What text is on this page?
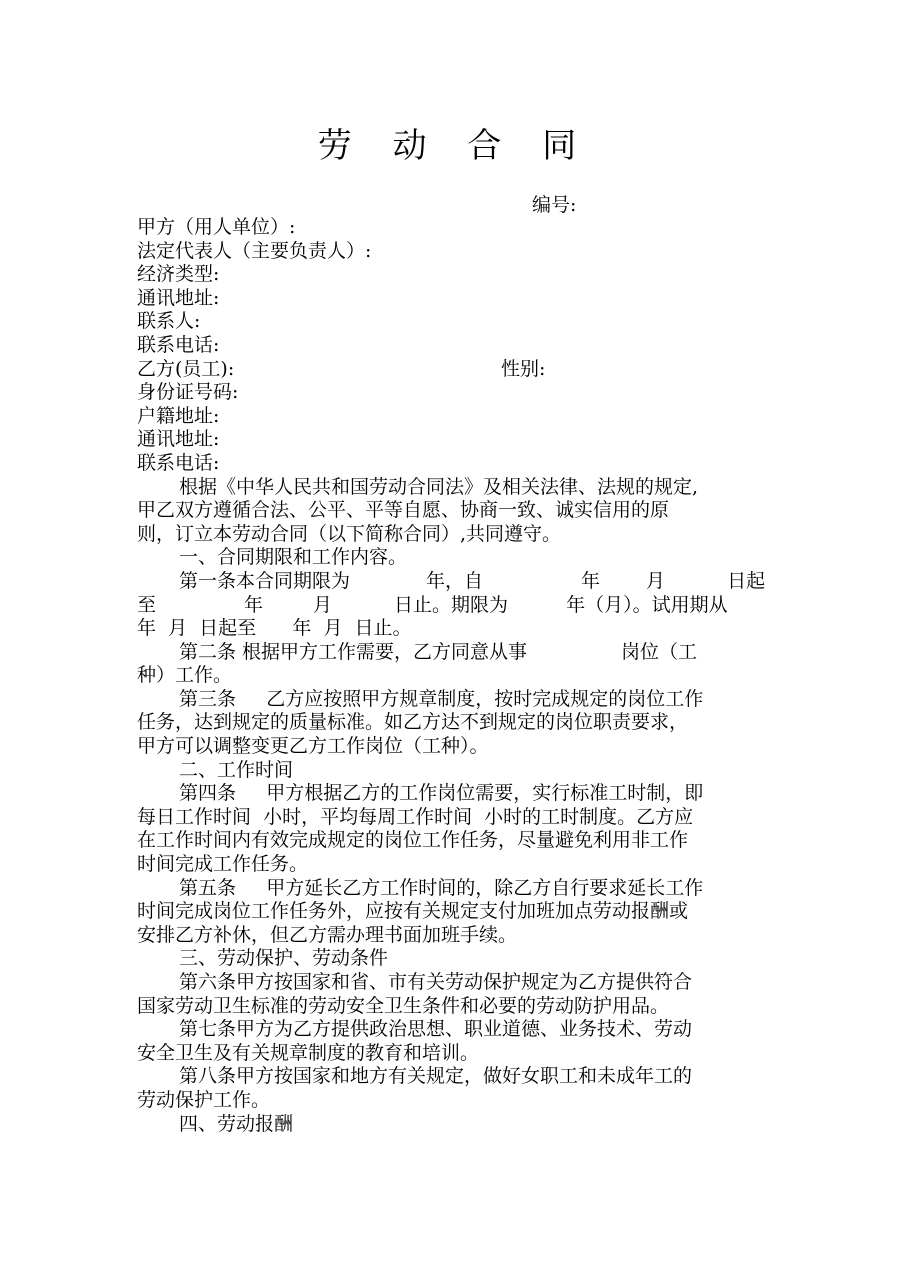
劳 动 合 同
编号:
甲方（用人单位）:
法定代表人（主要负责人）:
经济类型:
通讯地址:
联系人:
联系电话:
乙方(员工):	性别:
身份证号码:
户籍地址:
通讯地址:
联系电话:
根据《中华人民共和国劳动合同法》及相关法律、法规的规定,
甲乙双方遵循合法、公平、平等自愿、协商一致、诚实信用的原
则，订立本劳动合同（以下简称合同）,共同遵守。
一、合同期限和工作内容。
第一条本合同期限为	年，自	年 月	日起
至	年	月	日止。期限为	年（月）。试用期从
年  月  日起至      年  月  日止。
第二条 根据甲方工作需要，乙方同意从事	岗位（工
种）工作。
第三条     乙方应按照甲方规章制度，按时完成规定的岗位工作
任务，达到规定的质量标准。如乙方达不到规定的岗位职责要求，
甲方可以调整变更乙方工作岗位（工种）。
二、工作时间
第四条     甲方根据乙方的工作岗位需要，实行标准工时制，即
每日工作时间  小时，平均每周工作时间  小时的工时制度。乙方应
在工作时间内有效完成规定的岗位工作任务，尽量避免利用非工作
时间完成工作任务。
第五条     甲方延长乙方工作时间的，除乙方自行要求延长工作
时间完成岗位工作任务外，应按有关规定支付加班加点劳动报酬或
安排乙方补休，但乙方需办理书面加班手续。
三、劳动保护、劳动条件
第六条甲方按国家和省、市有关劳动保护规定为乙方提供符合
国家劳动卫生标准的劳动安全卫生条件和必要的劳动防护用品。
第七条甲方为乙方提供政治思想、职业道德、业务技术、劳动
安全卫生及有关规章制度的教育和培训。
第八条甲方按国家和地方有关规定，做好女职工和未成年工的
劳动保护工作。
四、劳动报酬
